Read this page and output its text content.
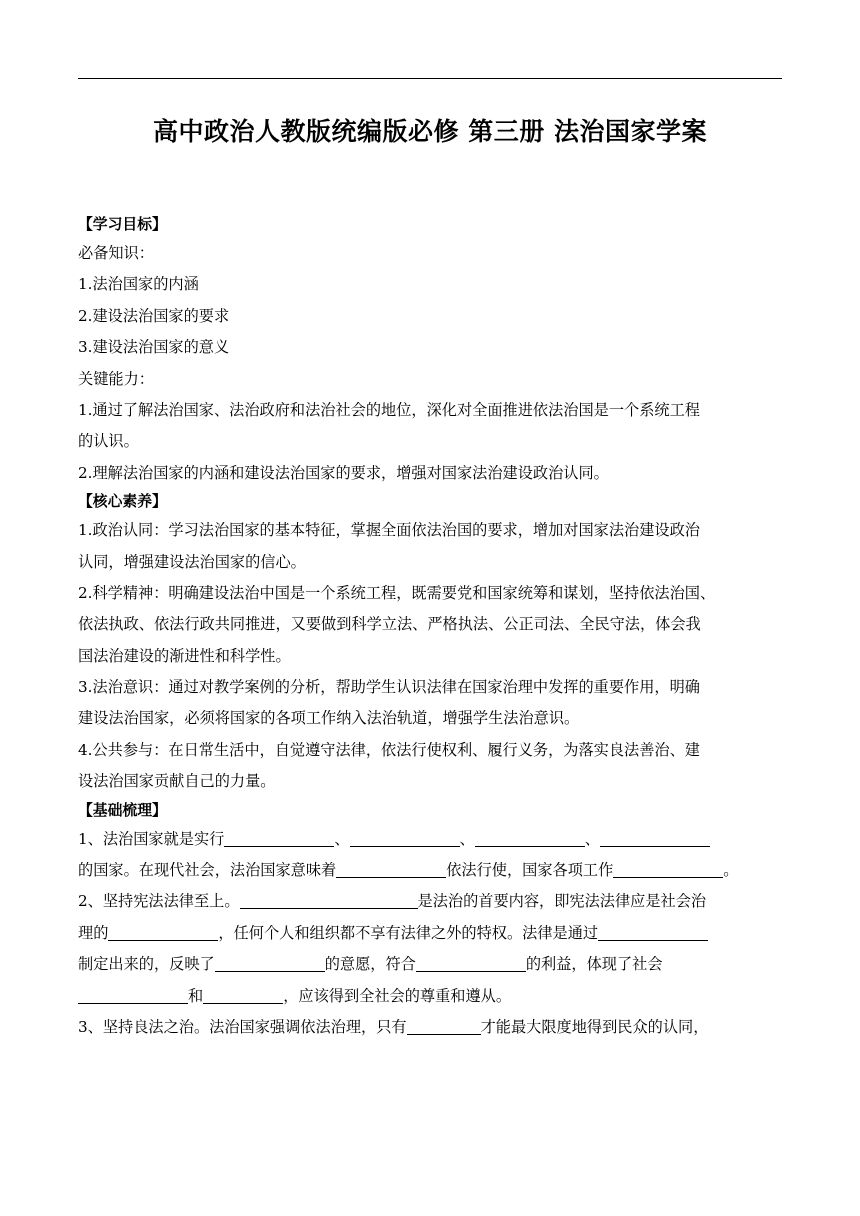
高中政治人教版统编版必修 第三册 法治国家学案
【学习目标】
必备知识：
1.法治国家的内涵
2.建设法治国家的要求
3.建设法治国家的意义
关键能力：
1.通过了解法治国家、法治政府和法治社会的地位，深化对全面推进依法治国是一个系统工程
的认识。
2.理解法治国家的内涵和建设法治国家的要求，增强对国家法治建设政治认同。
【核心素养】
1.政治认同：学习法治国家的基本特征，掌握全面依法治国的要求，增加对国家法治建设政治
认同，增强建设法治国家的信心。
2.科学精神：明确建设法治中国是一个系统工程，既需要党和国家统筹和谋划，坚持依法治国、
依法执政、依法行政共同推进，又要做到科学立法、严格执法、公正司法、全民守法，体会我
国法治建设的渐进性和科学性。
3.法治意识：通过对教学案例的分析，帮助学生认识法律在国家治理中发挥的重要作用，明确
建设法治国家，必须将国家的各项工作纳入法治轨道，增强学生法治意识。
4.公共参与：在日常生活中，自觉遵守法律，依法行使权利、履行义务，为落实良法善治、建
设法治国家贡献自己的力量。
【基础梳理】
1、法治国家就是实行	、	、	、
的国家。在现代社会，法治国家意味着	依法行使，国家各项工作	。
2、坚持宪法法律至上。	是法治的首要内容，即宪法法律应是社会治
理的	，任何个人和组织都不享有法律之外的特权。法律是通过
制定出来的，反映了	的意愿，符合	的利益，体现了社会
和	，应该得到全社会的尊重和遵从。
3、坚持良法之治。法治国家强调依法治理，只有	才能最大限度地得到民众的认同，
